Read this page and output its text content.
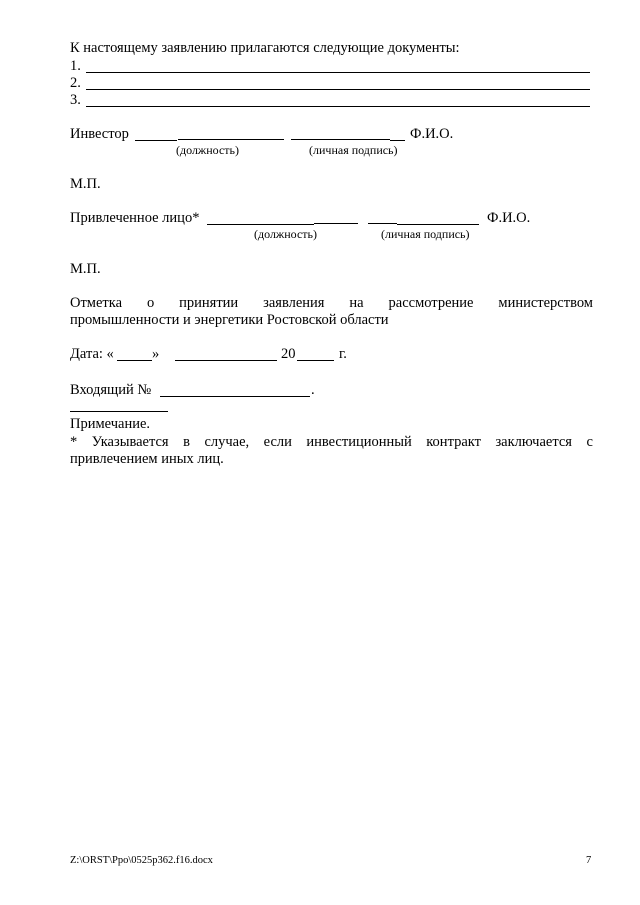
К настоящему заявлению прилагаются следующие документы:
1.
2.
3.
Инвестор	Ф.И.О.
(должность)	(личная подпись)
М.П.
Привлеченное лицо*	Ф.И.О.
(должность)	(личная подпись)
М.П.
Отметка о принятии заявления на рассмотрение министерством
промышленности и энергетики Ростовской области
Дата: «	»	20	г.
Входящий №	.
Примечание.
* Указывается в случае, если инвестиционный контракт заключается с
привлечением иных лиц.
Z:\ORST\Ppo\0525p362.f16.docx	7
